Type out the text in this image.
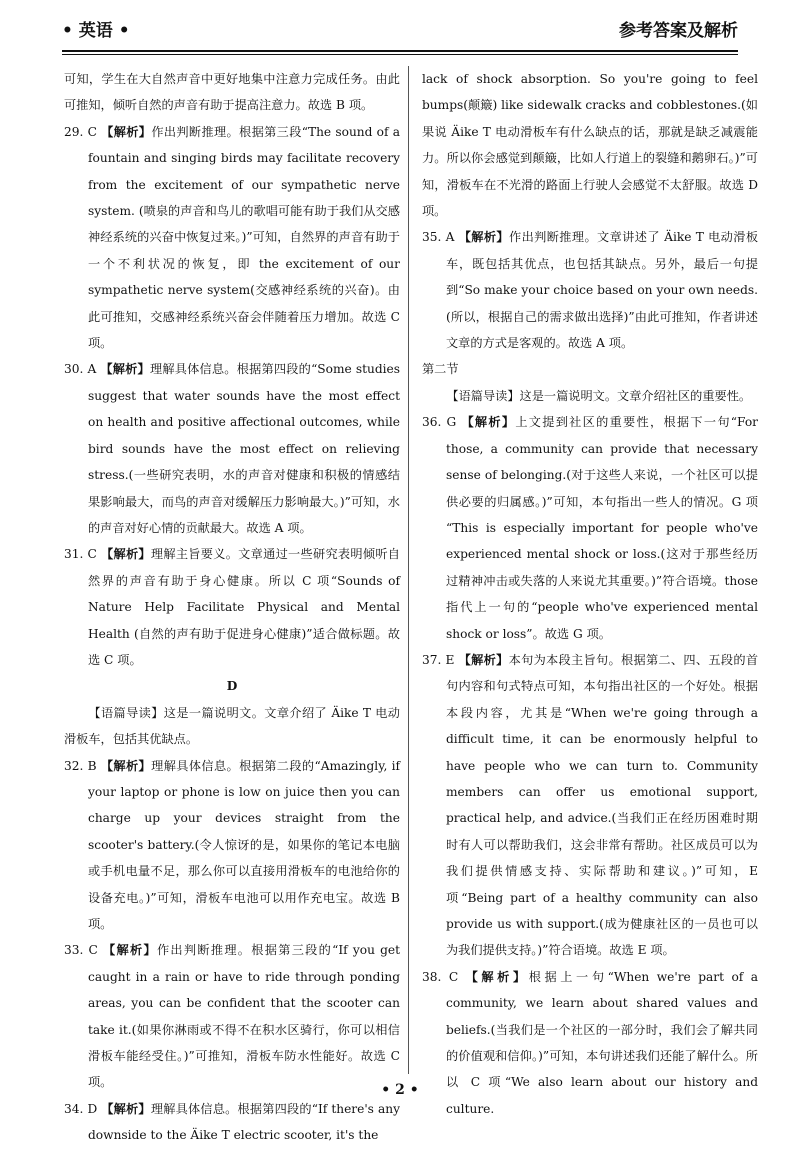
• 英语 •	参考答案及解析

可知，学生在大自然声音中更好地集中注意力完成任务。由此可推知，倾听自然的声音有助于提高注意力。故选 B 项。

29. C 【解析】作出判断推理。根据第三段“The sound of a fountain and singing birds may facilitate recovery from the excitement of our sympathetic nerve system. (喷泉的声音和鸟儿的歌唱可能有助于我们从交感神经系统的兴奋中恢复过来。)”可知，自然界的声音有助于一个不利状况的恢复，即 the excitement of our sympathetic nerve system(交感神经系统的兴奋)。由此可推知，交感神经系统兴奋会伴随着压力增加。故选 C 项。

30. A 【解析】理解具体信息。根据第四段的“Some studies suggest that water sounds have the most effect on health and positive affectional outcomes, while bird sounds have the most effect on relieving stress.(一些研究表明，水的声音对健康和积极的情感结果影响最大，而鸟的声音对缓解压力影响最大。)”可知，水的声音对好心情的贡献最大。故选 A 项。

31. C 【解析】理解主旨要义。文章通过一些研究表明倾听自然界的声音有助于身心健康。所以 C 项“Sounds of Nature Help Facilitate Physical and Mental Health (自然的声有助于促进身心健康)”适合做标题。故选 C 项。

D

【语篇导读】这是一篇说明文。文章介绍了 Äike T 电动滑板车，包括其优缺点。

32. B 【解析】理解具体信息。根据第二段的“Amazingly, if your laptop or phone is low on juice then you can charge up your devices straight from the scooter's battery.(令人惊讶的是，如果你的笔记本电脑或手机电量不足，那么你可以直接用滑板车的电池给你的设备充电。)”可知，滑板车电池可以用作充电宝。故选 B 项。

33. C 【解析】作出判断推理。根据第三段的“If you get caught in a rain or have to ride through ponding areas, you can be confident that the scooter can take it.(如果你淋雨或不得不在积水区骑行，你可以相信滑板车能经受住。)”可推知，滑板车防水性能好。故选 C 项。

34. D 【解析】理解具体信息。根据第四段的“If there's any downside to the Äike T electric scooter, it's the

lack of shock absorption. So you're going to feel bumps(颠簸) like sidewalk cracks and cobblestones.(如果说 Äike T 电动滑板车有什么缺点的话，那就是缺乏减震能力。所以你会感觉到颠簸，比如人行道上的裂缝和鹅卵石。)”可知，滑板车在不光滑的路面上行驶人会感觉不太舒服。故选 D 项。

35. A 【解析】作出判断推理。文章讲述了 Äike T 电动滑板车，既包括其优点，也包括其缺点。另外，最后一句提到“So make your choice based on your own needs.(所以，根据自己的需求做出选择)”由此可推知，作者讲述文章的方式是客观的。故选 A 项。

第二节

【语篇导读】这是一篇说明文。文章介绍社区的重要性。

36. G 【解析】上文提到社区的重要性，根据下一句“For those, a community can provide that necessary sense of belonging.(对于这些人来说，一个社区可以提供必要的归属感。)”可知，本句指出一些人的情况。G 项 “This is especially important for people who've experienced mental shock or loss.(这对于那些经历过精神冲击或失落的人来说尤其重要。)”符合语境。those 指代上一句的“people who've experienced mental shock or loss”。故选 G 项。

37. E 【解析】本句为本段主旨句。根据第二、四、五段的首句内容和句式特点可知，本句指出社区的一个好处。根据本段内容，尤其是“When we're going through a difficult time, it can be enormously helpful to have people who we can turn to. Community members can offer us emotional support, practical help, and advice.(当我们正在经历困难时期时有人可以帮助我们，这会非常有帮助。社区成员可以为我们提供情感支持、实际帮助和建议。)”可知，E 项“Being part of a healthy community can also provide us with support.(成为健康社区的一员也可以为我们提供支持。)”符合语境。故选 E 项。

38. C 【解析】根据上一句“When we're part of a community, we learn about shared values and beliefs.(当我们是一个社区的一部分时，我们会了解共同的价值观和信仰。)”可知，本句讲述我们还能了解什么。所以 C 项“We also learn about our history and culture.

• 2 •
